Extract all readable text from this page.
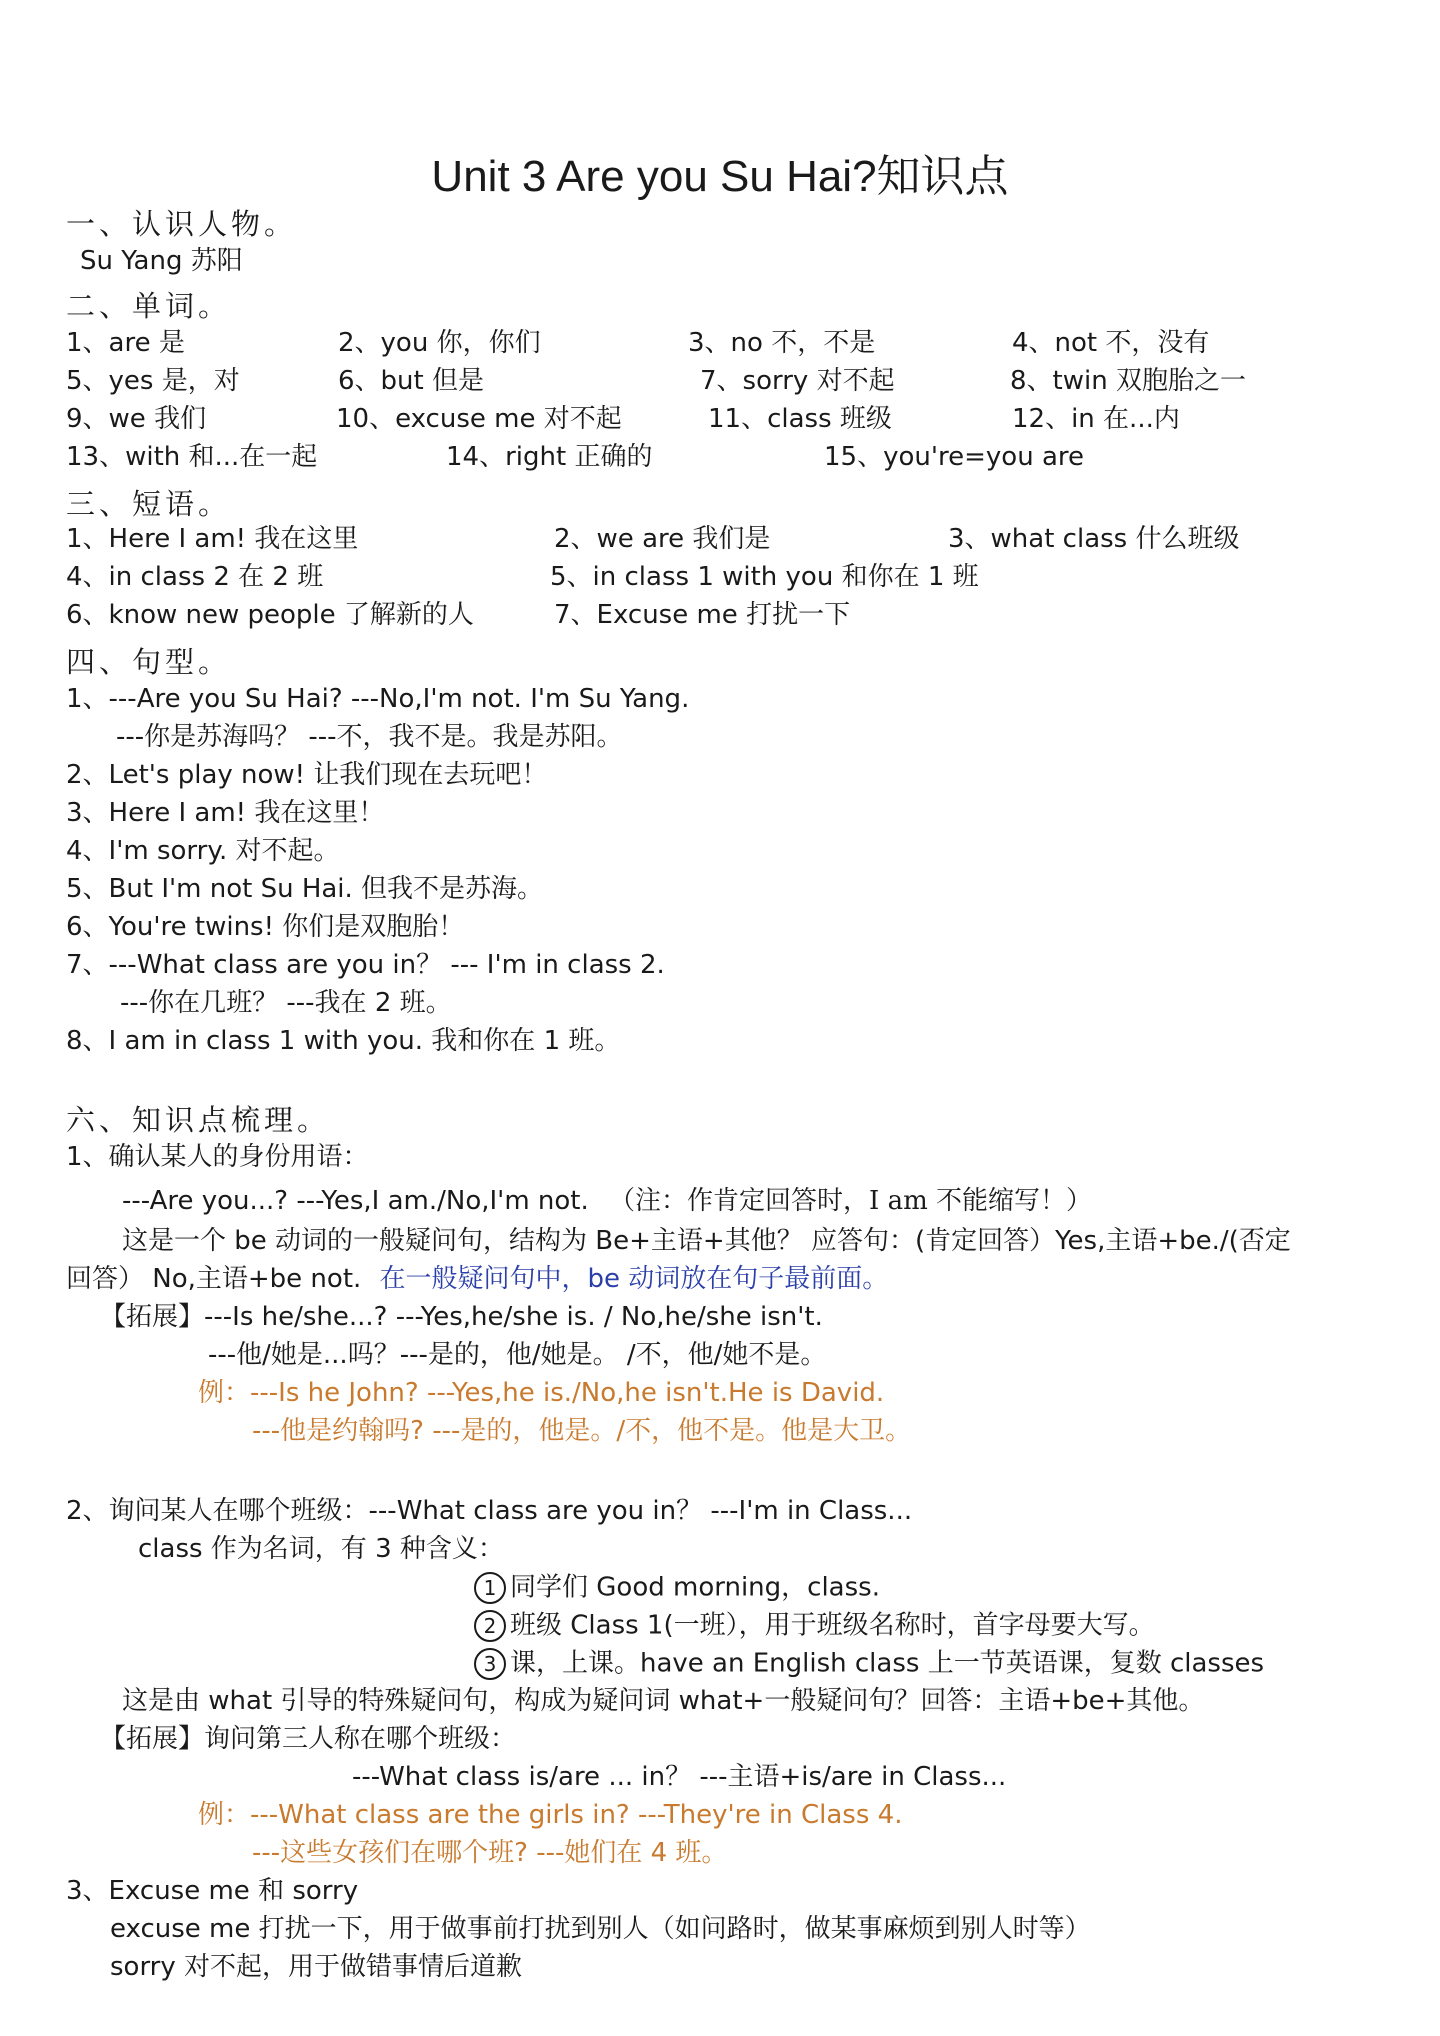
Unit 3 Are you Su Hai?知识点
一、认识人物。
Su Yang 苏阳
二、单词。
1、are 是	2、you 你，你们	3、no 不，不是	4、not 不，没有
5、yes 是，对	6、but 但是	7、sorry 对不起	8、twin 双胞胎之一
9、we 我们	10、excuse me 对不起	11、class 班级	12、in 在...内
13、with 和...在一起	14、right 正确的	15、you're=you are
三、短语。
1、Here I am! 我在这里	2、we are 我们是	3、what class 什么班级
4、in class 2 在 2 班	5、in class 1 with you 和你在 1 班
6、know new people 了解新的人	7、Excuse me 打扰一下
四、句型。
1、---Are you Su Hai? ---No,I'm not. I'm Su Yang.
---你是苏海吗？ ---不，我不是。我是苏阳。
2、Let's play now! 让我们现在去玩吧！
3、Here I am! 我在这里！
4、I'm sorry. 对不起。
5、But I'm not Su Hai. 但我不是苏海。
6、You're twins! 你们是双胞胎！
7、---What class are you in？ --- I'm in class 2.
---你在几班？ ---我在 2 班。
8、I am in class 1 with you. 我和你在 1 班。
六、知识点梳理。
1、确认某人的身份用语：
---Are you...? ---Yes,I am./No,I'm not. （注：作肯定回答时，I am 不能缩写！）
这是一个 be 动词的一般疑问句，结构为 Be+主语+其他？ 应答句：(肯定回答）Yes,主语+be./(否定
回答） No,主语+be not. 在一般疑问句中，be 动词放在句子最前面。
【拓展】---Is he/she...? ---Yes,he/she is. / No,he/she isn't.
---他/她是...吗？---是的，他/她是。 /不，他/她不是。
例：---Is he John? ---Yes,he is./No,he isn't.He is David.
---他是约翰吗? ---是的，他是。/不，他不是。他是大卫。
2、询问某人在哪个班级：---What class are you in？ ---I'm in Class...
class 作为名词，有 3 种含义：
1 同学们 Good morning，class.
2 班级 Class 1(一班），用于班级名称时，首字母要大写。
3 课，上课。have an English class 上一节英语课，复数 classes
这是由 what 引导的特殊疑问句，构成为疑问词 what+一般疑问句？回答：主语+be+其他。
【拓展】询问第三人称在哪个班级：
---What class is/are ... in？ ---主语+is/are in Class...
例：---What class are the girls in? ---They're in Class 4.
---这些女孩们在哪个班? ---她们在 4 班。
3、Excuse me 和 sorry
excuse me 打扰一下，用于做事前打扰到别人（如问路时，做某事麻烦到别人时等）
sorry 对不起，用于做错事情后道歉
